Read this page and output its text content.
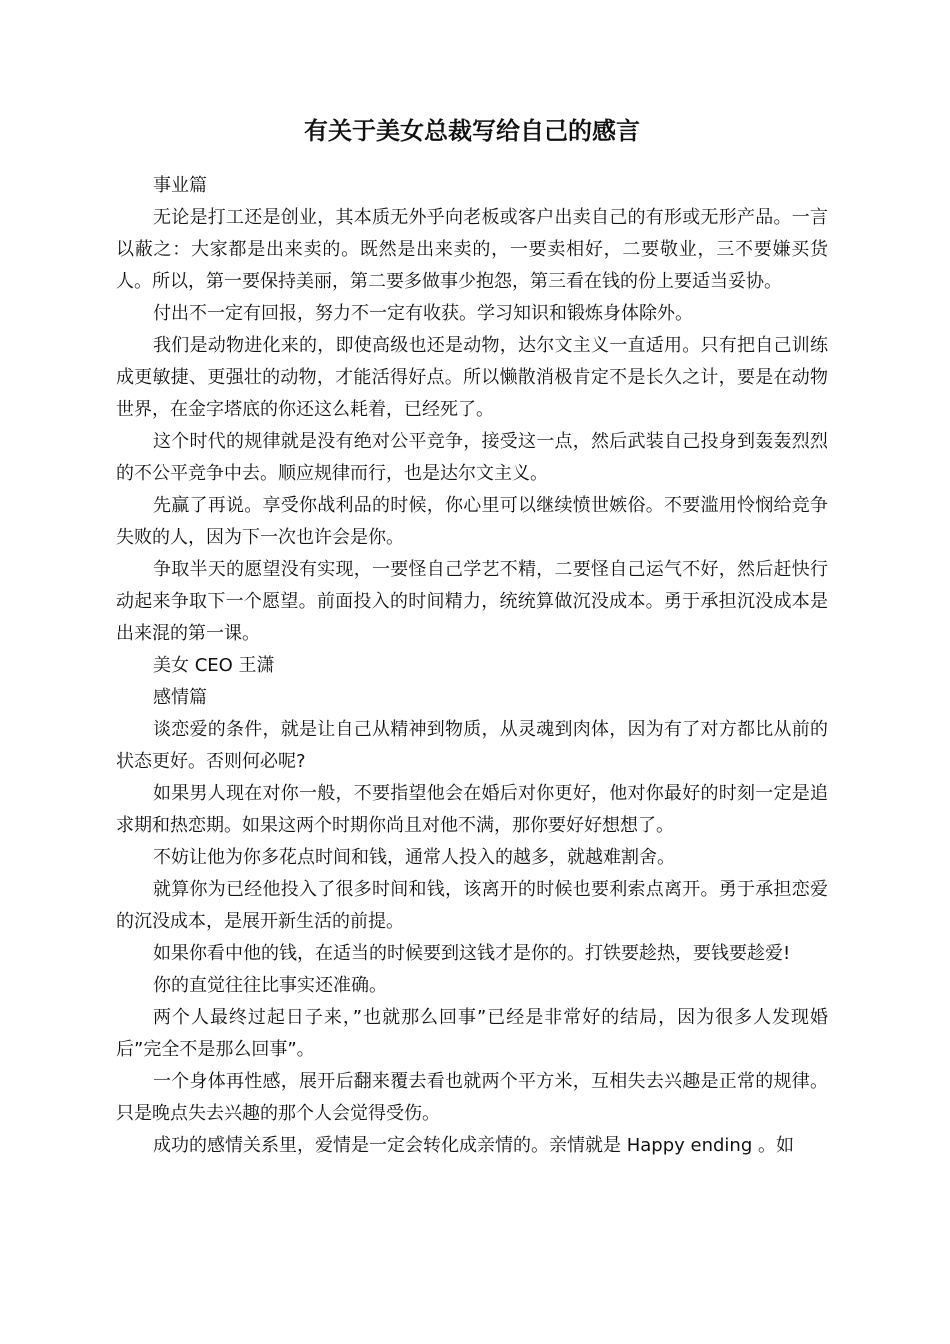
有关于美女总裁写给自己的感言

事业篇

无论是打工还是创业，其本质无外乎向老板或客户出卖自己的有形或无形产品。一言以蔽之：大家都是出来卖的。既然是出来卖的，一要卖相好，二要敬业，三不要嫌买货人。所以，第一要保持美丽，第二要多做事少抱怨，第三看在钱的份上要适当妥协。

付出不一定有回报，努力不一定有收获。学习知识和锻炼身体除外。

我们是动物进化来的，即使高级也还是动物，达尔文主义一直适用。只有把自己训练成更敏捷、更强壮的动物，才能活得好点。所以懒散消极肯定不是长久之计，要是在动物世界，在金字塔底的你还这么耗着，已经死了。

这个时代的规律就是没有绝对公平竞争，接受这一点，然后武装自己投身到轰轰烈烈的不公平竞争中去。顺应规律而行，也是达尔文主义。

先赢了再说。享受你战利品的时候，你心里可以继续愤世嫉俗。不要滥用怜悯给竞争失败的人，因为下一次也许会是你。

争取半天的愿望没有实现，一要怪自己学艺不精，二要怪自己运气不好，然后赶快行动起来争取下一个愿望。前面投入的时间精力，统统算做沉没成本。勇于承担沉没成本是出来混的第一课。

美女 CEO 王潇

感情篇

谈恋爱的条件，就是让自己从精神到物质，从灵魂到肉体，因为有了对方都比从前的状态更好。否则何必呢?

如果男人现在对你一般，不要指望他会在婚后对你更好，他对你最好的时刻一定是追求期和热恋期。如果这两个时期你尚且对他不满，那你要好好想想了。

不妨让他为你多花点时间和钱，通常人投入的越多，就越难割舍。

就算你为已经他投入了很多时间和钱，该离开的时候也要利索点离开。勇于承担恋爱的沉没成本，是展开新生活的前提。

如果你看中他的钱，在适当的时候要到这钱才是你的。打铁要趁热，要钱要趁爱!

你的直觉往往比事实还准确。

两个人最终过起日子来，”也就那么回事”已经是非常好的结局，因为很多人发现婚后”完全不是那么回事”。

一个身体再性感，展开后翻来覆去看也就两个平方米，互相失去兴趣是正常的规律。只是晚点失去兴趣的那个人会觉得受伤。

成功的感情关系里，爱情是一定会转化成亲情的。亲情就是 Happy ending 。如
